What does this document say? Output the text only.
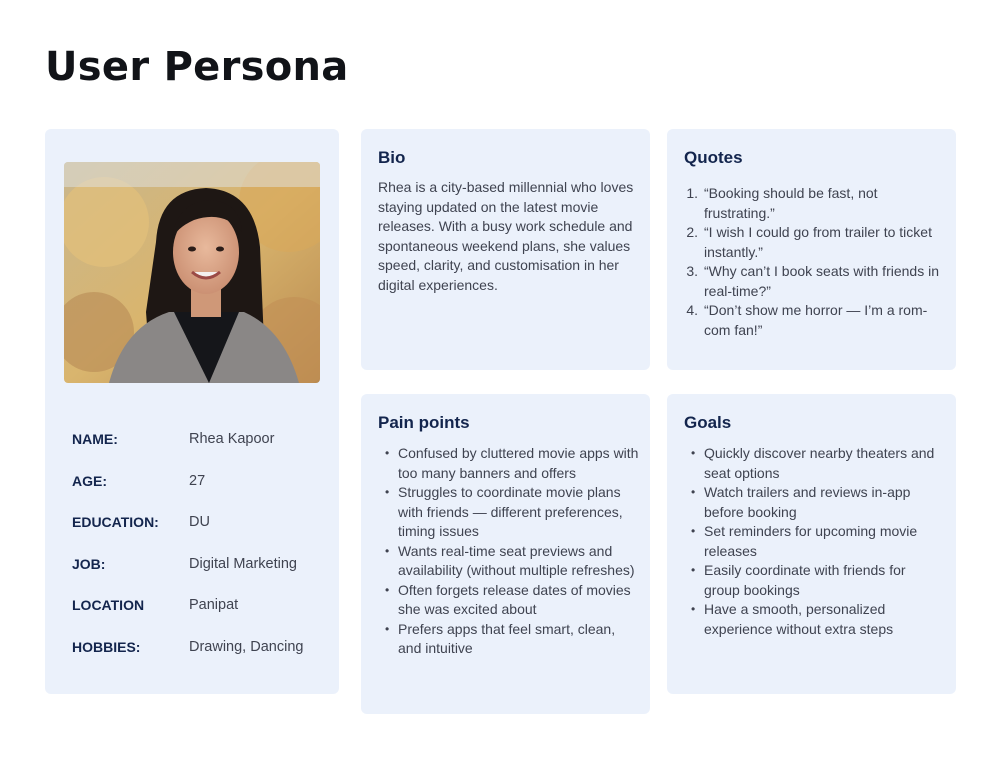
User Persona
NAME:	Rhea Kapoor
AGE:	27
EDUCATION:	DU
JOB:	Digital Marketing
LOCATION	Panipat
HOBBIES:	Drawing, Dancing
Bio

Rhea is a city-based millennial who loves staying updated on the latest movie releases. With a busy work schedule and spontaneous weekend plans, she values speed, clarity, and customisation in her digital experiences.

Quotes
1. “Booking should be fast, not frustrating.”
2. “I wish I could go from trailer to ticket instantly.”
3. “Why can’t I book seats with friends in real-time?”
4. “Don’t show me horror — I’m a rom-com fan!”
Pain points
• Confused by cluttered movie apps with too many banners and offers
• Struggles to coordinate movie plans with friends — different preferences, timing issues
• Wants real-time seat previews and availability (without multiple refreshes)
• Often forgets release dates of movies she was excited about
• Prefers apps that feel smart, clean, and intuitive
Goals
• Quickly discover nearby theaters and seat options
• Watch trailers and reviews in-app before booking
• Set reminders for upcoming movie releases
• Easily coordinate with friends for group bookings
• Have a smooth, personalized experience without extra steps
